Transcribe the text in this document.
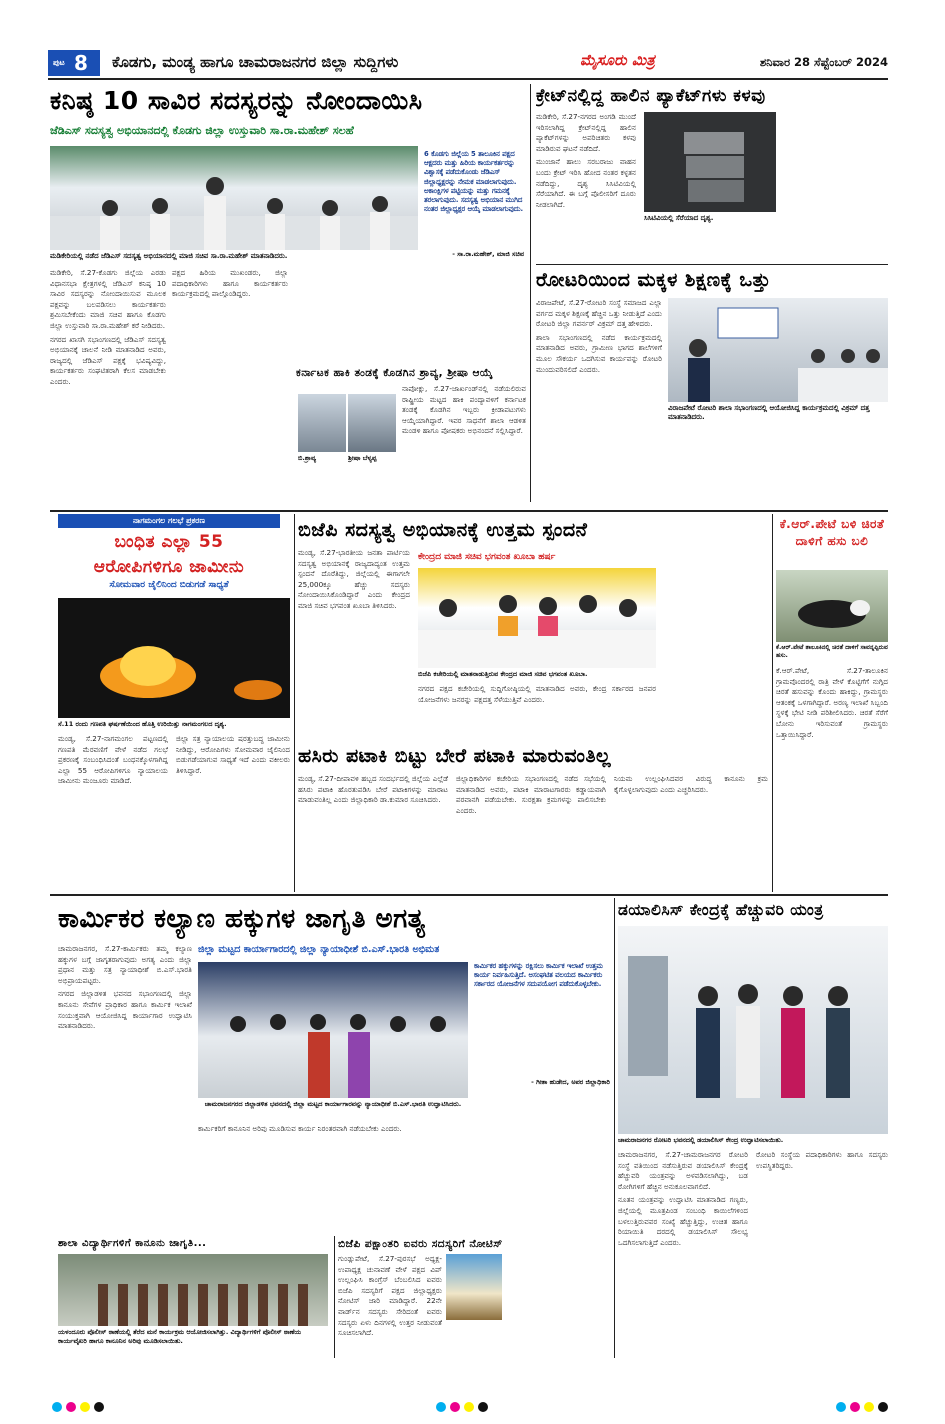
ಪುಟ 8 ಕೊಡಗು, ಮಂಡ್ಯ ಹಾಗೂ ಚಾಮರಾಜನಗರ ಜಿಲ್ಲಾ ಸುದ್ದಿಗಳು	ಮೈಸೂರು ಮಿತ್ರ	ಶನಿವಾರ 28 ಸೆಪ್ಟೆಂಬರ್ 2024
ಕನಿಷ್ಠ 10 ಸಾವಿರ ಸದಸ್ಯರನ್ನು ನೋಂದಾಯಿಸಿ
ಜೆಡಿಎಸ್ ಸದಸ್ಯತ್ವ ಅಭಿಯಾನದಲ್ಲಿ ಕೊಡಗು ಜಿಲ್ಲಾ ಉಸ್ತುವಾರಿ ಸಾ.ರಾ.ಮಹೇಶ್ ಸಲಹೆ
ಮಡಿಕೇರಿಯಲ್ಲಿ ನಡೆದ ಜೆಡಿಎಸ್ ಸದಸ್ಯತ್ವ ಅಭಿಯಾನದಲ್ಲಿ ಮಾಜಿ ಸಚಿವ ಸಾ.ರಾ.ಮಹೇಶ್ ಮಾತನಾಡಿದರು.
6 ಕೊಡಗು ಜಿಲ್ಲೆಯ 5 ತಾಲೂಕಿನ ಪಕ್ಷದ ಆಕ್ಷದರು ಮತ್ತು ಹಿರಿಯ ಕಾರ್ಯಕರ್ತರನ್ನು ವಿಶ್ವಾಸಕ್ಕೆ ಪಡೆದುಕೊಂಡು ಜೆಡಿಎಸ್ ಜಿಲ್ಲಾಧ್ಯಕ್ಷರನ್ನು ನೇಮಕ ಮಾಡಲಾಗುವುದು. ಅಕಾಂಕ್ಷಿಗಳ ಪಟ್ಟಿಯನ್ನು ಮತ್ತು ಗಮನಕ್ಕೆ ತರಲಾಗುವುದು. ಸದಸ್ಯತ್ವ ಅಭಿಯಾನ ಮುಗಿದ ನಂತರ ಜಿಲ್ಲಾಧ್ಯಕ್ಷರ ಆಯ್ಕೆ ಮಾಡಲಾಗುವುದು.
- ಸಾ.ರಾ.ಮಹೇಶ್, ಮಾಜಿ ಸಚಿವ

ಮಡಿಕೇರಿ, ಸೆ.27-ಕೊಡಗು ಜಿಲ್ಲೆಯ ಎರಡು ವಿಧಾನಸಭಾ ಕ್ಷೇತ್ರಗಳಲ್ಲಿ ಜೆಡಿಎಸ್ ಕನಿಷ್ಠ 10 ಸಾವಿರ ಸದಸ್ಯರನ್ನು ನೋಂದಾಯಿಸುವ ಮೂಲಕ ಪಕ್ಷವನ್ನು ಬಲಪಡಿಸಲು ಕಾರ್ಯಕರ್ತರು ಶ್ರಮಿಸಬೇಕೆಂದು ಮಾಜಿ ಸಚಿವ ಹಾಗೂ ಕೊಡಗು ಜಿಲ್ಲಾ ಉಸ್ತುವಾರಿ ಸಾ.ರಾ.ಮಹೇಶ್ ಕರೆ ನೀಡಿದರು.

ನಗರದ ಖಾಸಗಿ ಸಭಾಂಗಣದಲ್ಲಿ ಜೆಡಿಎಸ್ ಸದಸ್ಯತ್ವ ಅಭಿಯಾನಕ್ಕೆ ಚಾಲನೆ ನೀಡಿ ಮಾತನಾಡಿದ ಅವರು, ರಾಜ್ಯದಲ್ಲಿ ಜೆಡಿಎಸ್ ಪಕ್ಷಕ್ಕೆ ಭವಿಷ್ಯವಿದ್ದು, ಕಾರ್ಯಕರ್ತರು ಸಂಘಟಿತರಾಗಿ ಕೆಲಸ ಮಾಡಬೇಕು ಎಂದರು.

ಪಕ್ಷದ ಹಿರಿಯ ಮುಖಂಡರು, ಜಿಲ್ಲಾ ಪದಾಧಿಕಾರಿಗಳು ಹಾಗೂ ಕಾರ್ಯಕರ್ತರು ಕಾರ್ಯಕ್ರಮದಲ್ಲಿ ಪಾಲ್ಗೊಂಡಿದ್ದರು.

ಕ್ರೇಟ್‌ನಲ್ಲಿದ್ದ ಹಾಲಿನ ಪ್ಯಾಕೆಟ್‌ಗಳು ಕಳವು

ಮಡಿಕೇರಿ, ಸೆ.27-ನಗರದ ಅಂಗಡಿ ಮುಂದೆ ಇರಿಸಲಾಗಿದ್ದ ಕ್ರೇಟ್‌ನಲ್ಲಿದ್ದ ಹಾಲಿನ ಪ್ಯಾಕೆಟ್‌ಗಳನ್ನು ಅಪರಿಚಿತರು ಕಳವು ಮಾಡಿರುವ ಘಟನೆ ನಡೆದಿದೆ.

ಮುಂಜಾನೆ ಹಾಲು ಸರಬರಾಜು ವಾಹನ ಬಂದು ಕ್ರೇಟ್ ಇರಿಸಿ ಹೋದ ನಂತರ ಕಳ್ಳತನ ನಡೆದಿದ್ದು, ದೃಶ್ಯ ಸಿಸಿಟಿವಿಯಲ್ಲಿ ಸೆರೆಯಾಗಿದೆ. ಈ ಬಗ್ಗೆ ಪೊಲೀಸರಿಗೆ ದೂರು ನೀಡಲಾಗಿದೆ.

ಸಿಸಿಟಿವಿಯಲ್ಲಿ ಸೆರೆಯಾದ ದೃಶ್ಯ.
ರೋಟರಿಯಿಂದ ಮಕ್ಕಳ ಶಿಕ್ಷಣಕ್ಕೆ ಒತ್ತು

ವಿರಾಜಪೇಟೆ, ಸೆ.27-ರೋಟರಿ ಸಂಸ್ಥೆ ಸಮಾಜದ ಎಲ್ಲಾ ವರ್ಗದ ಮಕ್ಕಳ ಶಿಕ್ಷಣಕ್ಕೆ ಹೆಚ್ಚಿನ ಒತ್ತು ನೀಡುತ್ತಿದೆ ಎಂದು ರೋಟರಿ ಜಿಲ್ಲಾ ಗವರ್ನರ್ ವಿಕ್ರಮ್ ದತ್ತ ಹೇಳಿದರು.

ಶಾಲಾ ಸಭಾಂಗಣದಲ್ಲಿ ನಡೆದ ಕಾರ್ಯಕ್ರಮದಲ್ಲಿ ಮಾತನಾಡಿದ ಅವರು, ಗ್ರಾಮೀಣ ಭಾಗದ ಶಾಲೆಗಳಿಗೆ ಮೂಲ ಸೌಕರ್ಯ ಒದಗಿಸುವ ಕಾರ್ಯವನ್ನು ರೋಟರಿ ಮುಂದುವರಿಸಲಿದೆ ಎಂದರು.

ವಿರಾಜಪೇಟೆ ರೋಟರಿ ಶಾಲಾ ಸಭಾಂಗಣದಲ್ಲಿ ಆಯೋಜಿಸಿದ್ದ ಕಾರ್ಯಕ್ರಮದಲ್ಲಿ ವಿಕ್ರಮ್ ದತ್ತ ಮಾತನಾಡಿದರು.
ಕರ್ನಾಟಕ ಹಾಕಿ ತಂಡಕ್ಕೆ ಕೊಡಗಿನ ಶ್ರಾವ್ಯ, ಶ್ರೀಷಾ ಆಯ್ಕೆ
ಬಿ.ಶ್ರಾವ್ಯ	ಶ್ರೀಷಾ ಬೆಳ್ಯಪ್ಪ
ನಾಪೋಕ್ಲು, ಸೆ.27-ಜಾರ್ಖಂಡ್‌ನಲ್ಲಿ ನಡೆಯಲಿರುವ ರಾಷ್ಟ್ರೀಯ ಮಟ್ಟದ ಹಾಕಿ ಪಂದ್ಯಾವಳಿಗೆ ಕರ್ನಾಟಕ ತಂಡಕ್ಕೆ ಕೊಡಗಿನ ಇಬ್ಬರು ಕ್ರೀಡಾಪಟುಗಳು ಆಯ್ಕೆಯಾಗಿದ್ದಾರೆ. ಇವರ ಸಾಧನೆಗೆ ಶಾಲಾ ಆಡಳಿತ ಮಂಡಳಿ ಹಾಗೂ ಪೋಷಕರು ಅಭಿನಂದನೆ ಸಲ್ಲಿಸಿದ್ದಾರೆ.
ನಾಗಮಂಗಲ ಗಲಭೆ ಪ್ರಕರಣ
ಬಂಧಿತ ಎಲ್ಲಾ 55
ಆರೋಪಿಗಳಿಗೂ ಜಾಮೀನು
ಸೋಮವಾರ ಜೈಲಿನಿಂದ ಬಿಡುಗಡೆ ಸಾಧ್ಯತೆ
ಸೆ.11 ರಂದು ಗಣಪತಿ ಘರ್ಷಣೆಯಿಂದ ಹೊತ್ತಿ ಉರಿಯಿತ್ತು ನಾಗಮಂಗಲದ ದೃಶ್ಯ.

ಮಂಡ್ಯ, ಸೆ.27-ನಾಗಮಂಗಲ ಪಟ್ಟಣದಲ್ಲಿ ಗಣಪತಿ ಮೆರವಣಿಗೆ ವೇಳೆ ನಡೆದ ಗಲಭೆ ಪ್ರಕರಣಕ್ಕೆ ಸಂಬಂಧಿಸಿದಂತೆ ಬಂಧನಕ್ಕೊಳಗಾಗಿದ್ದ ಎಲ್ಲಾ 55 ಆರೋಪಿಗಳಿಗೂ ನ್ಯಾಯಾಲಯ ಜಾಮೀನು ಮಂಜೂರು ಮಾಡಿದೆ.

ಜಿಲ್ಲಾ ಸತ್ರ ನ್ಯಾಯಾಲಯ ಷರತ್ತುಬದ್ಧ ಜಾಮೀನು ನೀಡಿದ್ದು, ಆರೋಪಿಗಳು ಸೋಮವಾರ ಜೈಲಿನಿಂದ ಬಿಡುಗಡೆಯಾಗುವ ಸಾಧ್ಯತೆ ಇದೆ ಎಂದು ವಕೀಲರು ತಿಳಿಸಿದ್ದಾರೆ.

ಬಿಜೆಪಿ ಸದಸ್ಯತ್ವ ಅಭಿಯಾನಕ್ಕೆ ಉತ್ತಮ ಸ್ಪಂದನೆ

ಮಂಡ್ಯ, ಸೆ.27-ಭಾರತೀಯ ಜನತಾ ಪಾರ್ಟಿಯ ಸದಸ್ಯತ್ವ ಅಭಿಯಾನಕ್ಕೆ ರಾಜ್ಯದಾದ್ಯಂತ ಉತ್ತಮ ಸ್ಪಂದನೆ ದೊರೆತಿದ್ದು, ಜಿಲ್ಲೆಯಲ್ಲಿ ಈಗಾಗಲೇ 25,000ಕ್ಕೂ ಹೆಚ್ಚು ಸದಸ್ಯರು ನೋಂದಾಯಿಸಿಕೊಂಡಿದ್ದಾರೆ ಎಂದು ಕೇಂದ್ರದ ಮಾಜಿ ಸಚಿವ ಭಗವಂತ ಖೂಬಾ ತಿಳಿಸಿದರು.

ಕೇಂದ್ರದ ಮಾಜಿ ಸಚಿವ ಭಗವಂತ ಖೂಬಾ ಹರ್ಷ
ಬಿಜೆಪಿ ಕಚೇರಿಯಲ್ಲಿ ಮಾತನಾಡುತ್ತಿರುವ ಕೇಂದ್ರದ ಮಾಜಿ ಸಚಿವ ಭಗವಂತ ಖೂಬಾ.

ನಗರದ ಪಕ್ಷದ ಕಚೇರಿಯಲ್ಲಿ ಸುದ್ದಿಗೋಷ್ಠಿಯಲ್ಲಿ ಮಾತನಾಡಿದ ಅವರು, ಕೇಂದ್ರ ಸರ್ಕಾರದ ಜನಪರ ಯೋಜನೆಗಳು ಜನರನ್ನು ಪಕ್ಷದತ್ತ ಸೆಳೆಯುತ್ತಿವೆ ಎಂದರು.

ಕೆ.ಆರ್.ಪೇಟೆ ಬಳಿ ಚಿರತೆ ದಾಳಿಗೆ ಹಸು ಬಲಿ
ಕೆ.ಆರ್.ಪೇಟೆ ತಾಲೂಕಿನಲ್ಲಿ ಚಿರತೆ ದಾಳಿಗೆ ಸಾವನ್ನಪ್ಪಿರುವ ಹಸು.
ಕೆ.ಆರ್.ಪೇಟೆ, ಸೆ.27-ತಾಲೂಕಿನ ಗ್ರಾಮವೊಂದರಲ್ಲಿ ರಾತ್ರಿ ವೇಳೆ ಕೊಟ್ಟಿಗೆಗೆ ನುಗ್ಗಿದ ಚಿರತೆ ಹಸುವನ್ನು ಕೊಂದು ಹಾಕಿದ್ದು, ಗ್ರಾಮಸ್ಥರು ಆತಂಕಕ್ಕೆ ಒಳಗಾಗಿದ್ದಾರೆ. ಅರಣ್ಯ ಇಲಾಖೆ ಸಿಬ್ಬಂದಿ ಸ್ಥಳಕ್ಕೆ ಭೇಟಿ ನೀಡಿ ಪರಿಶೀಲಿಸಿದರು. ಚಿರತೆ ಸೆರೆಗೆ ಬೋನು ಇರಿಸುವಂತೆ ಗ್ರಾಮಸ್ಥರು ಒತ್ತಾಯಿಸಿದ್ದಾರೆ.
ಹಸಿರು ಪಟಾಕಿ ಬಿಟ್ಟು ಬೇರೆ ಪಟಾಕಿ ಮಾರುವಂತಿಲ್ಲ

ಮಂಡ್ಯ, ಸೆ.27-ದೀಪಾವಳಿ ಹಬ್ಬದ ಸಂದರ್ಭದಲ್ಲಿ ಜಿಲ್ಲೆಯ ಎಲ್ಲೆಡೆ ಹಸಿರು ಪಟಾಕಿ ಹೊರತುಪಡಿಸಿ ಬೇರೆ ಪಟಾಕಿಗಳನ್ನು ಮಾರಾಟ ಮಾಡುವಂತಿಲ್ಲ ಎಂದು ಜಿಲ್ಲಾಧಿಕಾರಿ ಡಾ.ಕುಮಾರ ಸೂಚಿಸಿದರು.

ಜಿಲ್ಲಾಧಿಕಾರಿಗಳ ಕಚೇರಿಯ ಸಭಾಂಗಣದಲ್ಲಿ ನಡೆದ ಸಭೆಯಲ್ಲಿ ಮಾತನಾಡಿದ ಅವರು, ಪಟಾಕಿ ಮಾರಾಟಗಾರರು ಕಡ್ಡಾಯವಾಗಿ ಪರವಾನಗಿ ಪಡೆಯಬೇಕು. ಸುರಕ್ಷತಾ ಕ್ರಮಗಳನ್ನು ಪಾಲಿಸಬೇಕು ಎಂದರು.

ನಿಯಮ ಉಲ್ಲಂಘಿಸಿದವರ ವಿರುದ್ಧ ಕಾನೂನು ಕ್ರಮ ಕೈಗೊಳ್ಳಲಾಗುವುದು ಎಂದು ಎಚ್ಚರಿಸಿದರು.

ಕಾರ್ಮಿಕರ ಕಲ್ಯಾಣ ಹಕ್ಕುಗಳ ಜಾಗೃತಿ ಅಗತ್ಯ
ಜಿಲ್ಲಾ ಮಟ್ಟದ ಕಾರ್ಯಾಗಾರದಲ್ಲಿ ಜಿಲ್ಲಾ ನ್ಯಾಯಾಧೀಶೆ ಬಿ.ಎಸ್.ಭಾರತಿ ಅಭಿಮತ

ಚಾಮರಾಜನಗರ, ಸೆ.27-ಕಾರ್ಮಿಕರು ತಮ್ಮ ಕಲ್ಯಾಣ ಹಕ್ಕುಗಳ ಬಗ್ಗೆ ಜಾಗೃತರಾಗುವುದು ಅಗತ್ಯ ಎಂದು ಜಿಲ್ಲಾ ಪ್ರಧಾನ ಮತ್ತು ಸತ್ರ ನ್ಯಾಯಾಧೀಶೆ ಬಿ.ಎಸ್.ಭಾರತಿ ಅಭಿಪ್ರಾಯಪಟ್ಟರು.

ನಗರದ ಜಿಲ್ಲಾಡಳಿತ ಭವನದ ಸಭಾಂಗಣದಲ್ಲಿ ಜಿಲ್ಲಾ ಕಾನೂನು ಸೇವೆಗಳ ಪ್ರಾಧಿಕಾರ ಹಾಗೂ ಕಾರ್ಮಿಕ ಇಲಾಖೆ ಸಂಯುಕ್ತವಾಗಿ ಆಯೋಜಿಸಿದ್ದ ಕಾರ್ಯಾಗಾರ ಉದ್ಘಾಟಿಸಿ ಮಾತನಾಡಿದರು.

ಚಾಮರಾಜನಗರದ ಜಿಲ್ಲಾಡಳಿತ ಭವನದಲ್ಲಿ ಜಿಲ್ಲಾ ಮಟ್ಟದ ಕಾರ್ಯಾಗಾರವನ್ನು ನ್ಯಾಯಾಧೀಶೆ ಬಿ.ಎಸ್.ಭಾರತಿ ಉದ್ಘಾಟಿಸಿದರು.
ಕಾರ್ಮಿಕರ ಹಕ್ಕುಗಳನ್ನು ರಕ್ಷಿಸಲು ಕಾರ್ಮಿಕ ಇಲಾಖೆ ಉತ್ತಮ ಕಾರ್ಯ ನಿರ್ವಹಿಸುತ್ತಿದೆ. ಅಸಂಘಟಿತ ವಲಯದ ಕಾರ್ಮಿಕರು ಸರ್ಕಾರದ ಯೋಜನೆಗಳ ಸದುಪಯೋಗ ಪಡೆದುಕೊಳ್ಳಬೇಕು.
- ಗೀತಾ ಹುಡೇದ, ಅಪರ ಜಿಲ್ಲಾಧಿಕಾರಿ

ಕಾರ್ಮಿಕರಿಗೆ ಕಾನೂನಿನ ಅರಿವು ಮೂಡಿಸುವ ಕಾರ್ಯ ನಿರಂತರವಾಗಿ ನಡೆಯಬೇಕು ಎಂದರು.

ಡಯಾಲಿಸಿಸ್ ಕೇಂದ್ರಕ್ಕೆ ಹೆಚ್ಚುವರಿ ಯಂತ್ರ
ಚಾಮರಾಜನಗರ ರೋಟರಿ ಭವನದಲ್ಲಿ ಡಯಾಲಿಸಿಸ್ ಕೇಂದ್ರ ಉದ್ಘಾಟಿಸಲಾಯಿತು.

ಚಾಮರಾಜನಗರ, ಸೆ.27-ಚಾಮರಾಜನಗರ ರೋಟರಿ ಸಂಸ್ಥೆ ವತಿಯಿಂದ ನಡೆಸುತ್ತಿರುವ ಡಯಾಲಿಸಿಸ್ ಕೇಂದ್ರಕ್ಕೆ ಹೆಚ್ಚುವರಿ ಯಂತ್ರವನ್ನು ಅಳವಡಿಸಲಾಗಿದ್ದು, ಬಡ ರೋಗಿಗಳಿಗೆ ಹೆಚ್ಚಿನ ಅನುಕೂಲವಾಗಲಿದೆ.

ನೂತನ ಯಂತ್ರವನ್ನು ಉದ್ಘಾಟಿಸಿ ಮಾತನಾಡಿದ ಗಣ್ಯರು, ಜಿಲ್ಲೆಯಲ್ಲಿ ಮೂತ್ರಪಿಂಡ ಸಂಬಂಧಿ ಕಾಯಿಲೆಗಳಿಂದ ಬಳಲುತ್ತಿರುವವರ ಸಂಖ್ಯೆ ಹೆಚ್ಚುತ್ತಿದ್ದು, ಉಚಿತ ಹಾಗೂ ರಿಯಾಯಿತಿ ದರದಲ್ಲಿ ಡಯಾಲಿಸಿಸ್ ಸೌಲಭ್ಯ ಒದಗಿಸಲಾಗುತ್ತಿದೆ ಎಂದರು.

ರೋಟರಿ ಸಂಸ್ಥೆಯ ಪದಾಧಿಕಾರಿಗಳು ಹಾಗೂ ಸದಸ್ಯರು ಉಪಸ್ಥಿತರಿದ್ದರು.

ಶಾಲಾ ವಿದ್ಯಾರ್ಥಿಗಳಿಗೆ ಕಾನೂನು ಜಾಗೃತಿ...
ಯಳಂದೂರು ಪೊಲೀಸ್ ಠಾಣೆಯಲ್ಲಿ ತೆರೆದ ಮನೆ ಕಾರ್ಯಕ್ರಮ ಆಯೋಜಿಸಲಾಗಿತ್ತು. ವಿದ್ಯಾರ್ಥಿಗಳಿಗೆ ಪೊಲೀಸ್ ಠಾಣೆಯ ಕಾರ್ಯವೈಖರಿ ಹಾಗೂ ಕಾನೂನಿನ ಅರಿವು ಮೂಡಿಸಲಾಯಿತು.
ಬಿಜೆಪಿ ಪಕ್ಷಾಂತರಿ ಐವರು ಸದಸ್ಯರಿಗೆ ನೋಟಿಸ್

ಗುಂಡ್ಲುಪೇಟೆ, ಸೆ.27-ಪುರಸಭೆ ಅಧ್ಯಕ್ಷ-ಉಪಾಧ್ಯಕ್ಷ ಚುನಾವಣೆ ವೇಳೆ ಪಕ್ಷದ ವಿಪ್ ಉಲ್ಲಂಘಿಸಿ ಕಾಂಗ್ರೆಸ್ ಬೆಂಬಲಿಸಿದ ಐವರು ಬಿಜೆಪಿ ಸದಸ್ಯರಿಗೆ ಪಕ್ಷದ ಜಿಲ್ಲಾಧ್ಯಕ್ಷರು ನೋಟಿಸ್ ಜಾರಿ ಮಾಡಿದ್ದಾರೆ. 22ನೇ ವಾರ್ಡ್‌ನ ಸದಸ್ಯರು ಸೇರಿದಂತೆ ಐವರು ಸದಸ್ಯರು ಏಳು ದಿನಗಳಲ್ಲಿ ಉತ್ತರ ನೀಡುವಂತೆ ಸೂಚಿಸಲಾಗಿದೆ.
